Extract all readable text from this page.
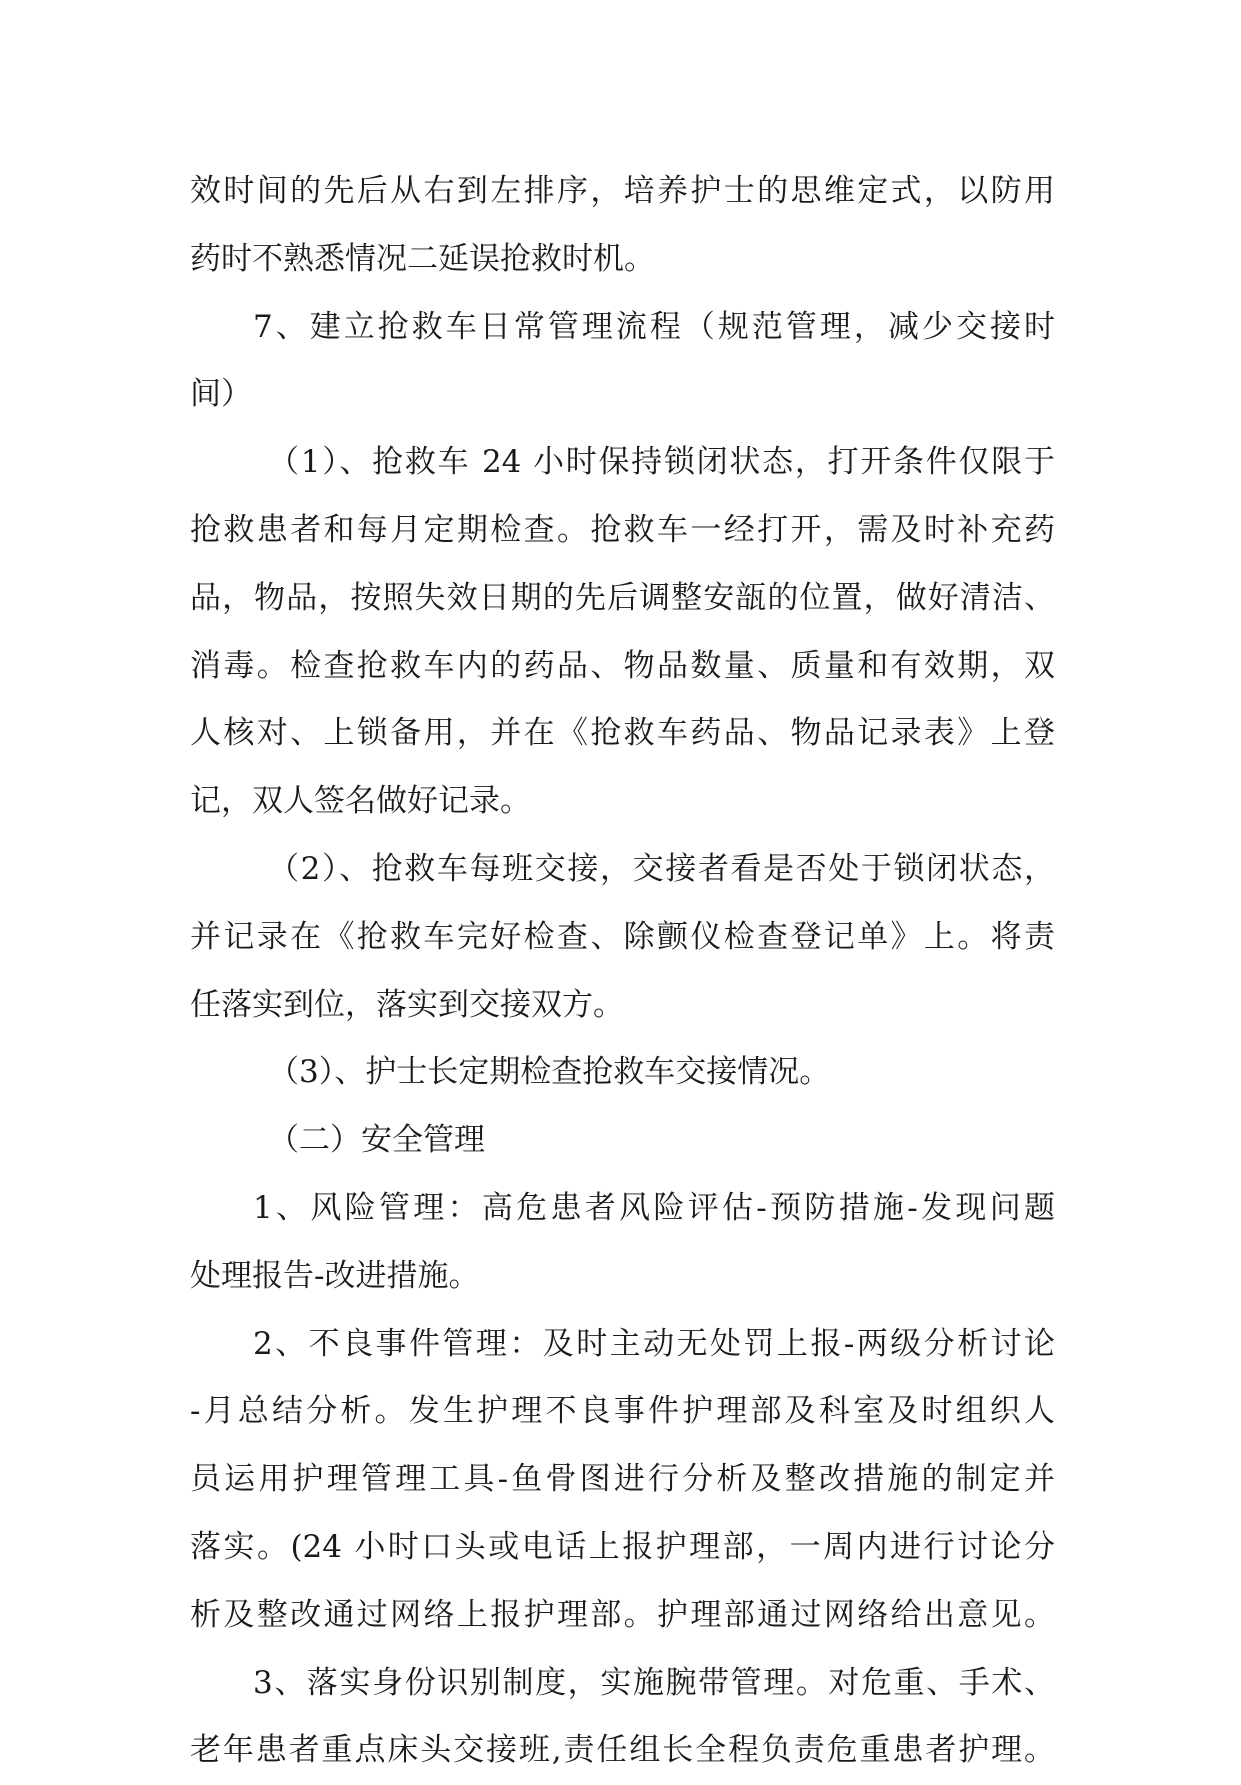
效时间的先后从右到左排序，培养护士的思维定式，以防用
药时不熟悉情况二延误抢救时机。
7、建立抢救车日常管理流程（规范管理，减少交接时
间）
（1）、抢救车 24 小时保持锁闭状态，打开条件仅限于
抢救患者和每月定期检查。抢救车一经打开，需及时补充药
品，物品，按照失效日期的先后调整安瓿的位置，做好清洁、
消毒。检查抢救车内的药品、物品数量、质量和有效期，双
人核对、上锁备用，并在《抢救车药品、物品记录表》上登
记，双人签名做好记录。
（2）、抢救车每班交接，交接者看是否处于锁闭状态，
并记录在《抢救车完好检查、除颤仪检查登记单》上。将责
任落实到位，落实到交接双方。
（3）、护士长定期检查抢救车交接情况。
（二）安全管理
1、风险管理：高危患者风险评估-预防措施-发现问题
处理报告-改进措施。
2、不良事件管理：及时主动无处罚上报-两级分析讨论
-月总结分析。发生护理不良事件护理部及科室及时组织人
员运用护理管理工具-鱼骨图进行分析及整改措施的制定并
落实。(24 小时口头或电话上报护理部，一周内进行讨论分
析及整改通过网络上报护理部。护理部通过网络给出意见。
3、落实身份识别制度，实施腕带管理。对危重、手术、
老年患者重点床头交接班,责任组长全程负责危重患者护理。
